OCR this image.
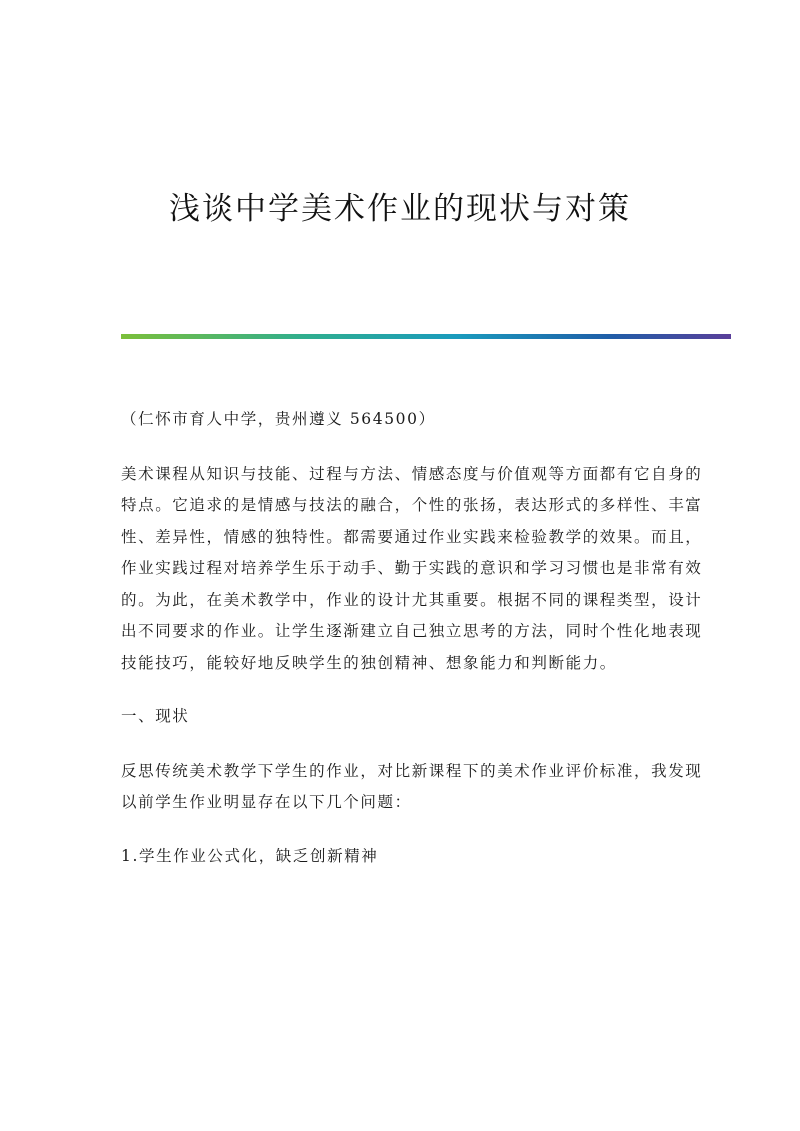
浅谈中学美术作业的现状与对策

（仁怀市育人中学，贵州遵义 564500）

美术课程从知识与技能、过程与方法、情感态度与价值观等方面都有它自身的

特点。它追求的是情感与技法的融合，个性的张扬，表达形式的多样性、丰富

性、差异性，情感的独特性。都需要通过作业实践来检验教学的效果。而且，

作业实践过程对培养学生乐于动手、勤于实践的意识和学习习惯也是非常有效

的。为此，在美术教学中，作业的设计尤其重要。根据不同的课程类型，设计

出不同要求的作业。让学生逐渐建立自己独立思考的方法，同时个性化地表现

技能技巧，能较好地反映学生的独创精神、想象能力和判断能力。

一、现状

反思传统美术教学下学生的作业，对比新课程下的美术作业评价标准，我发现

以前学生作业明显存在以下几个问题：

1.学生作业公式化，缺乏创新精神
